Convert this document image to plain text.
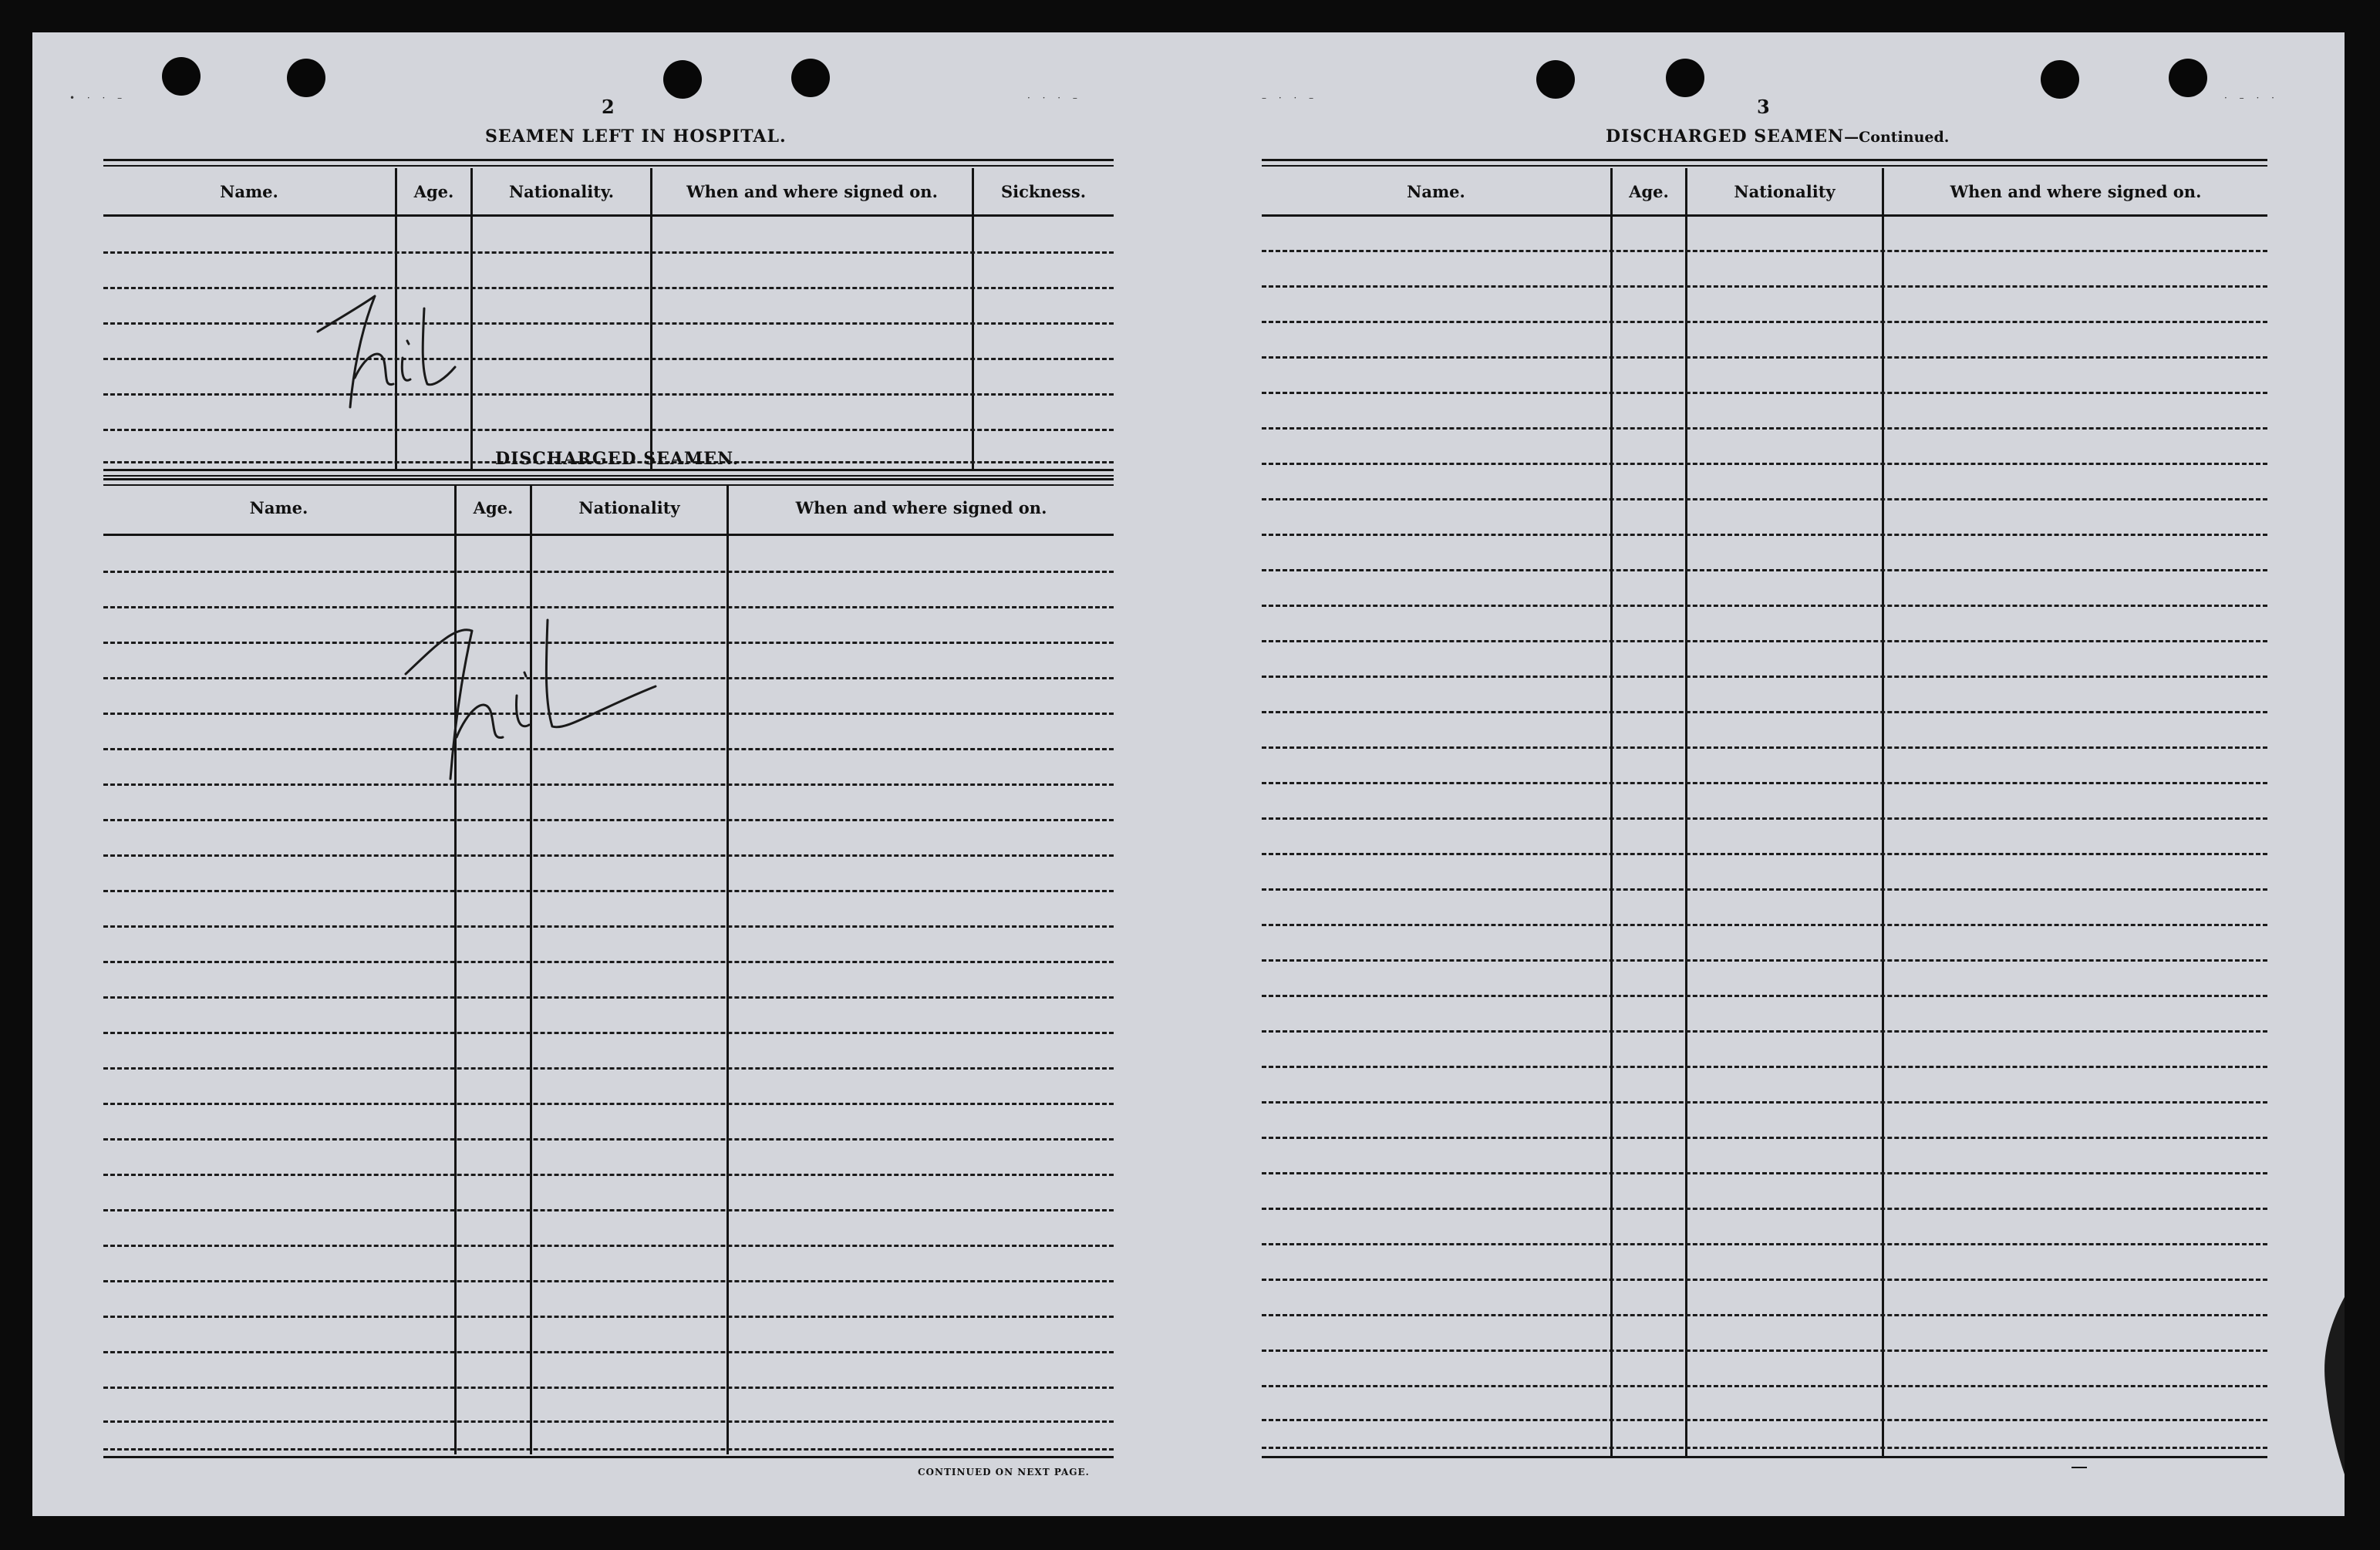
• · · –	· · · –
2
SEAMEN LEFT IN HOSPITAL.
Name.	Age.	Nationality.	When and where signed on.	Sickness.
DISCHARGED SEAMEN.
Name.	Age.	Nationality	When and where signed on.
CONTINUED ON NEXT PAGE.
– · · –	· – · ·
3
DISCHARGED SEAMEN—Continued.
Name.	Age.	Nationality	When and where signed on.
